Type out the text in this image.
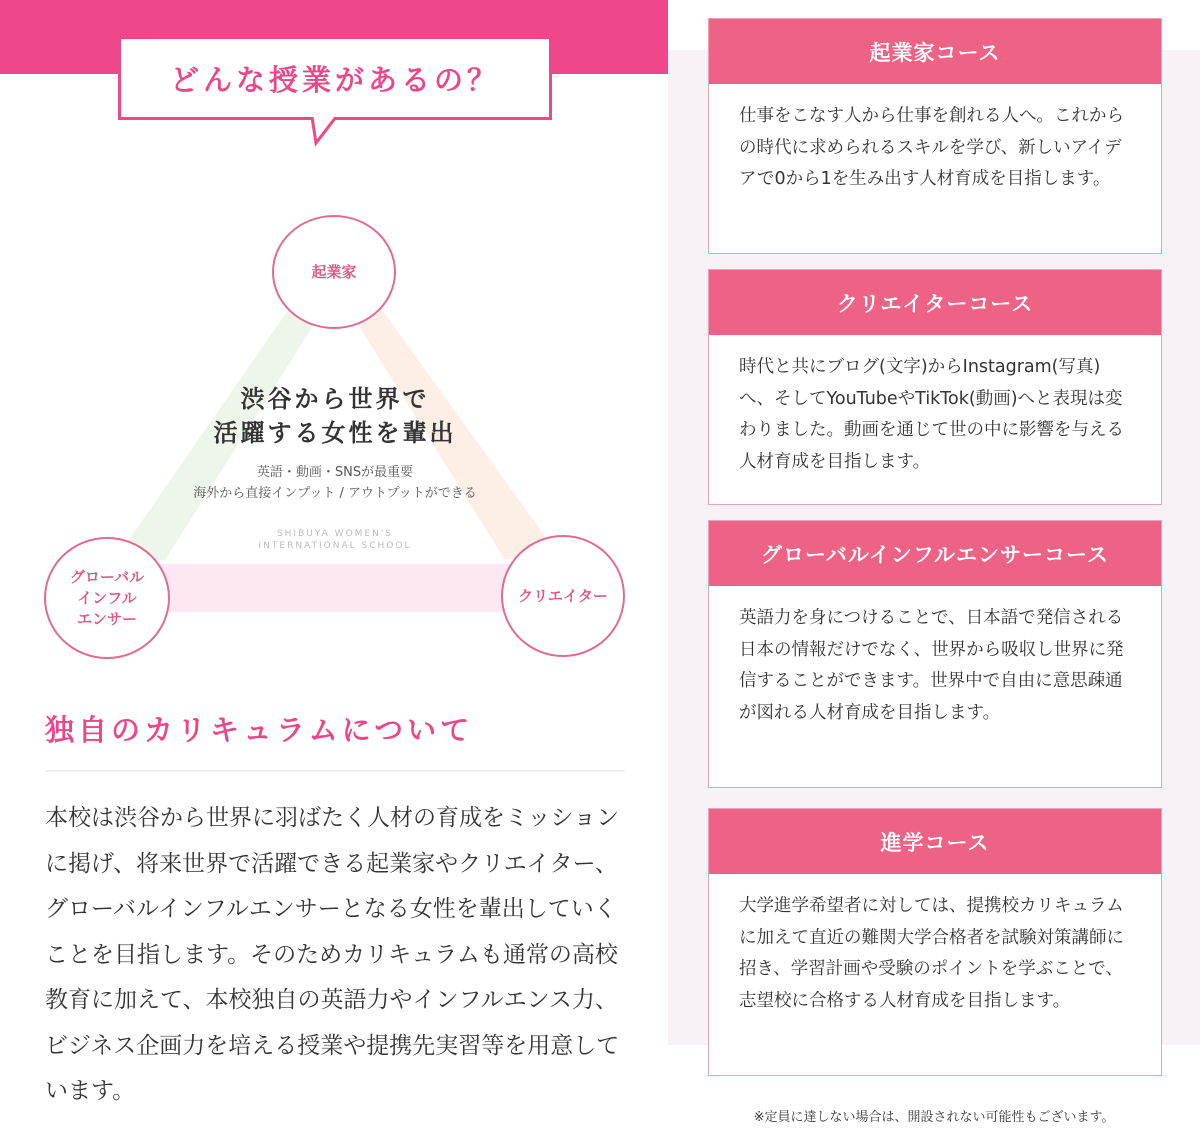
どんな授業があるの？
起業家
グローバル
インフル
エンサー
クリエイター
渋谷から世界で
活躍する女性を輩出
英語・動画・SNSが最重要
海外から直接インプット / アウトプットができる
SHIBUYA WOMEN'S
INTERNATIONAL SCHOOL
独自のカリキュラムについて

本校は渋谷から世界に羽ばたく人材の育成をミッションに掲げ、将来世界で活躍できる起業家やクリエイター、グローバルインフルエンサーとなる女性を輩出していくことを目指します。そのためカリキュラムも通常の高校教育に加えて、本校独自の英語力やインフルエンス力、ビジネス企画力を培える授業や提携先実習等を用意しています。

起業家コース

仕事をこなす人から仕事を創れる人へ。これからの時代に求められるスキルを学び、新しいアイデアで0から1を生み出す人材育成を目指します。

クリエイターコース

時代と共にブログ(文字)からInstagram(写真)へ、そしてYouTubeやTikTok(動画)へと表現は変わりました。動画を通じて世の中に影響を与える人材育成を目指します。

グローバルインフルエンサーコース

英語力を身につけることで、日本語で発信される日本の情報だけでなく、世界から吸収し世界に発信することができます。世界中で自由に意思疎通が図れる人材育成を目指します。

進学コース

大学進学希望者に対しては、提携校カリキュラムに加えて直近の難関大学合格者を試験対策講師に招き、学習計画や受験のポイントを学ぶことで、志望校に合格する人材育成を目指します。

※定員に達しない場合は、開設されない可能性もございます。
